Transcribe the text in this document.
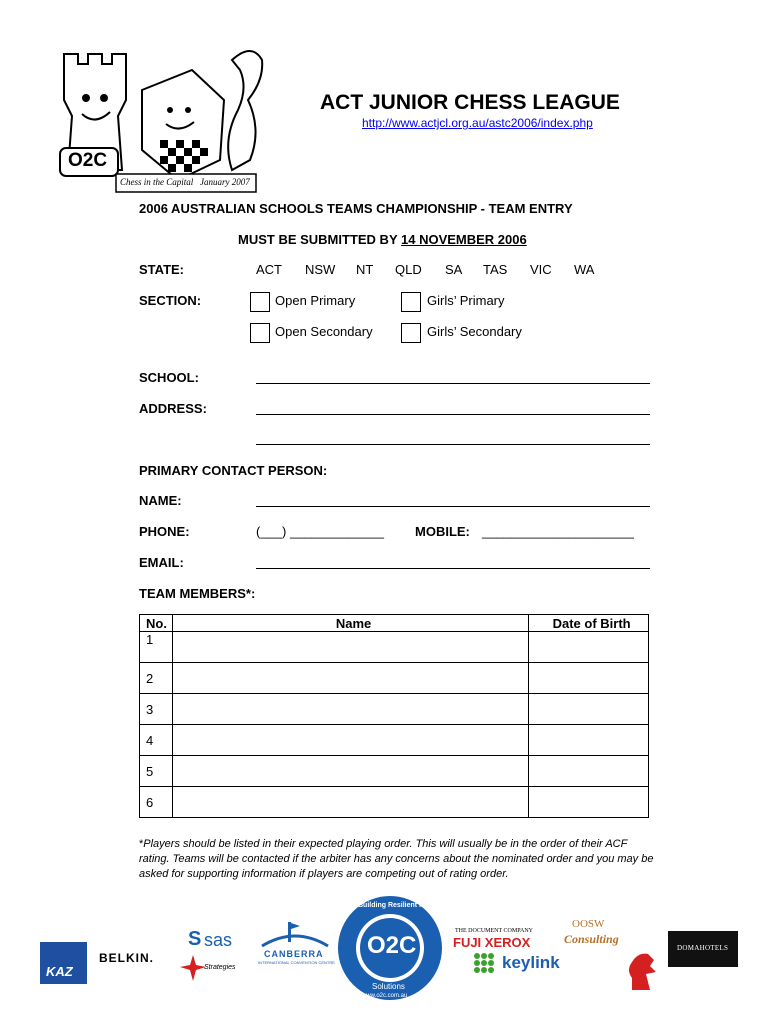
O2C
Chess in the Capital   January 2007
ACT JUNIOR CHESS LEAGUE
http://www.actjcl.org.au/astc2006/index.php
2006 AUSTRALIAN SCHOOLS TEAMS CHAMPIONSHIP - TEAM ENTRY
MUST BE SUBMITTED BY 14 NOVEMBER 2006
STATE:	ACT NSW NT QLD SA TAS VIC WA
SECTION:	Open Primary	Girls’ Primary
Open Secondary	Girls’ Secondary
SCHOOL:
ADDRESS:
PRIMARY CONTACT PERSON:
NAME:
PHONE:	(___) _____________ MOBILE: _____________________
EMAIL:
TEAM MEMBERS*:
No.	Name	Date of Birth
1		
2		
3		
4		
5		
6		
*Players should be listed in their expected playing order. This will usually be in the order of their ACF rating. Teams will be contacted if the arbiter has any concerns about the nominated order and you may be asked for supporting information if players are competing out of rating order.
KAZ
BELKIN.
S sas
Strategies
CANBERRA
INTERNATIONAL CONVENTION CENTRE
Building Resilient People
O2C
Solutions
www.o2c.com.au
THE DOCUMENT COMPANY
FUJI XEROX
keylink
OOSW
Consulting
DOMAHOTELS
